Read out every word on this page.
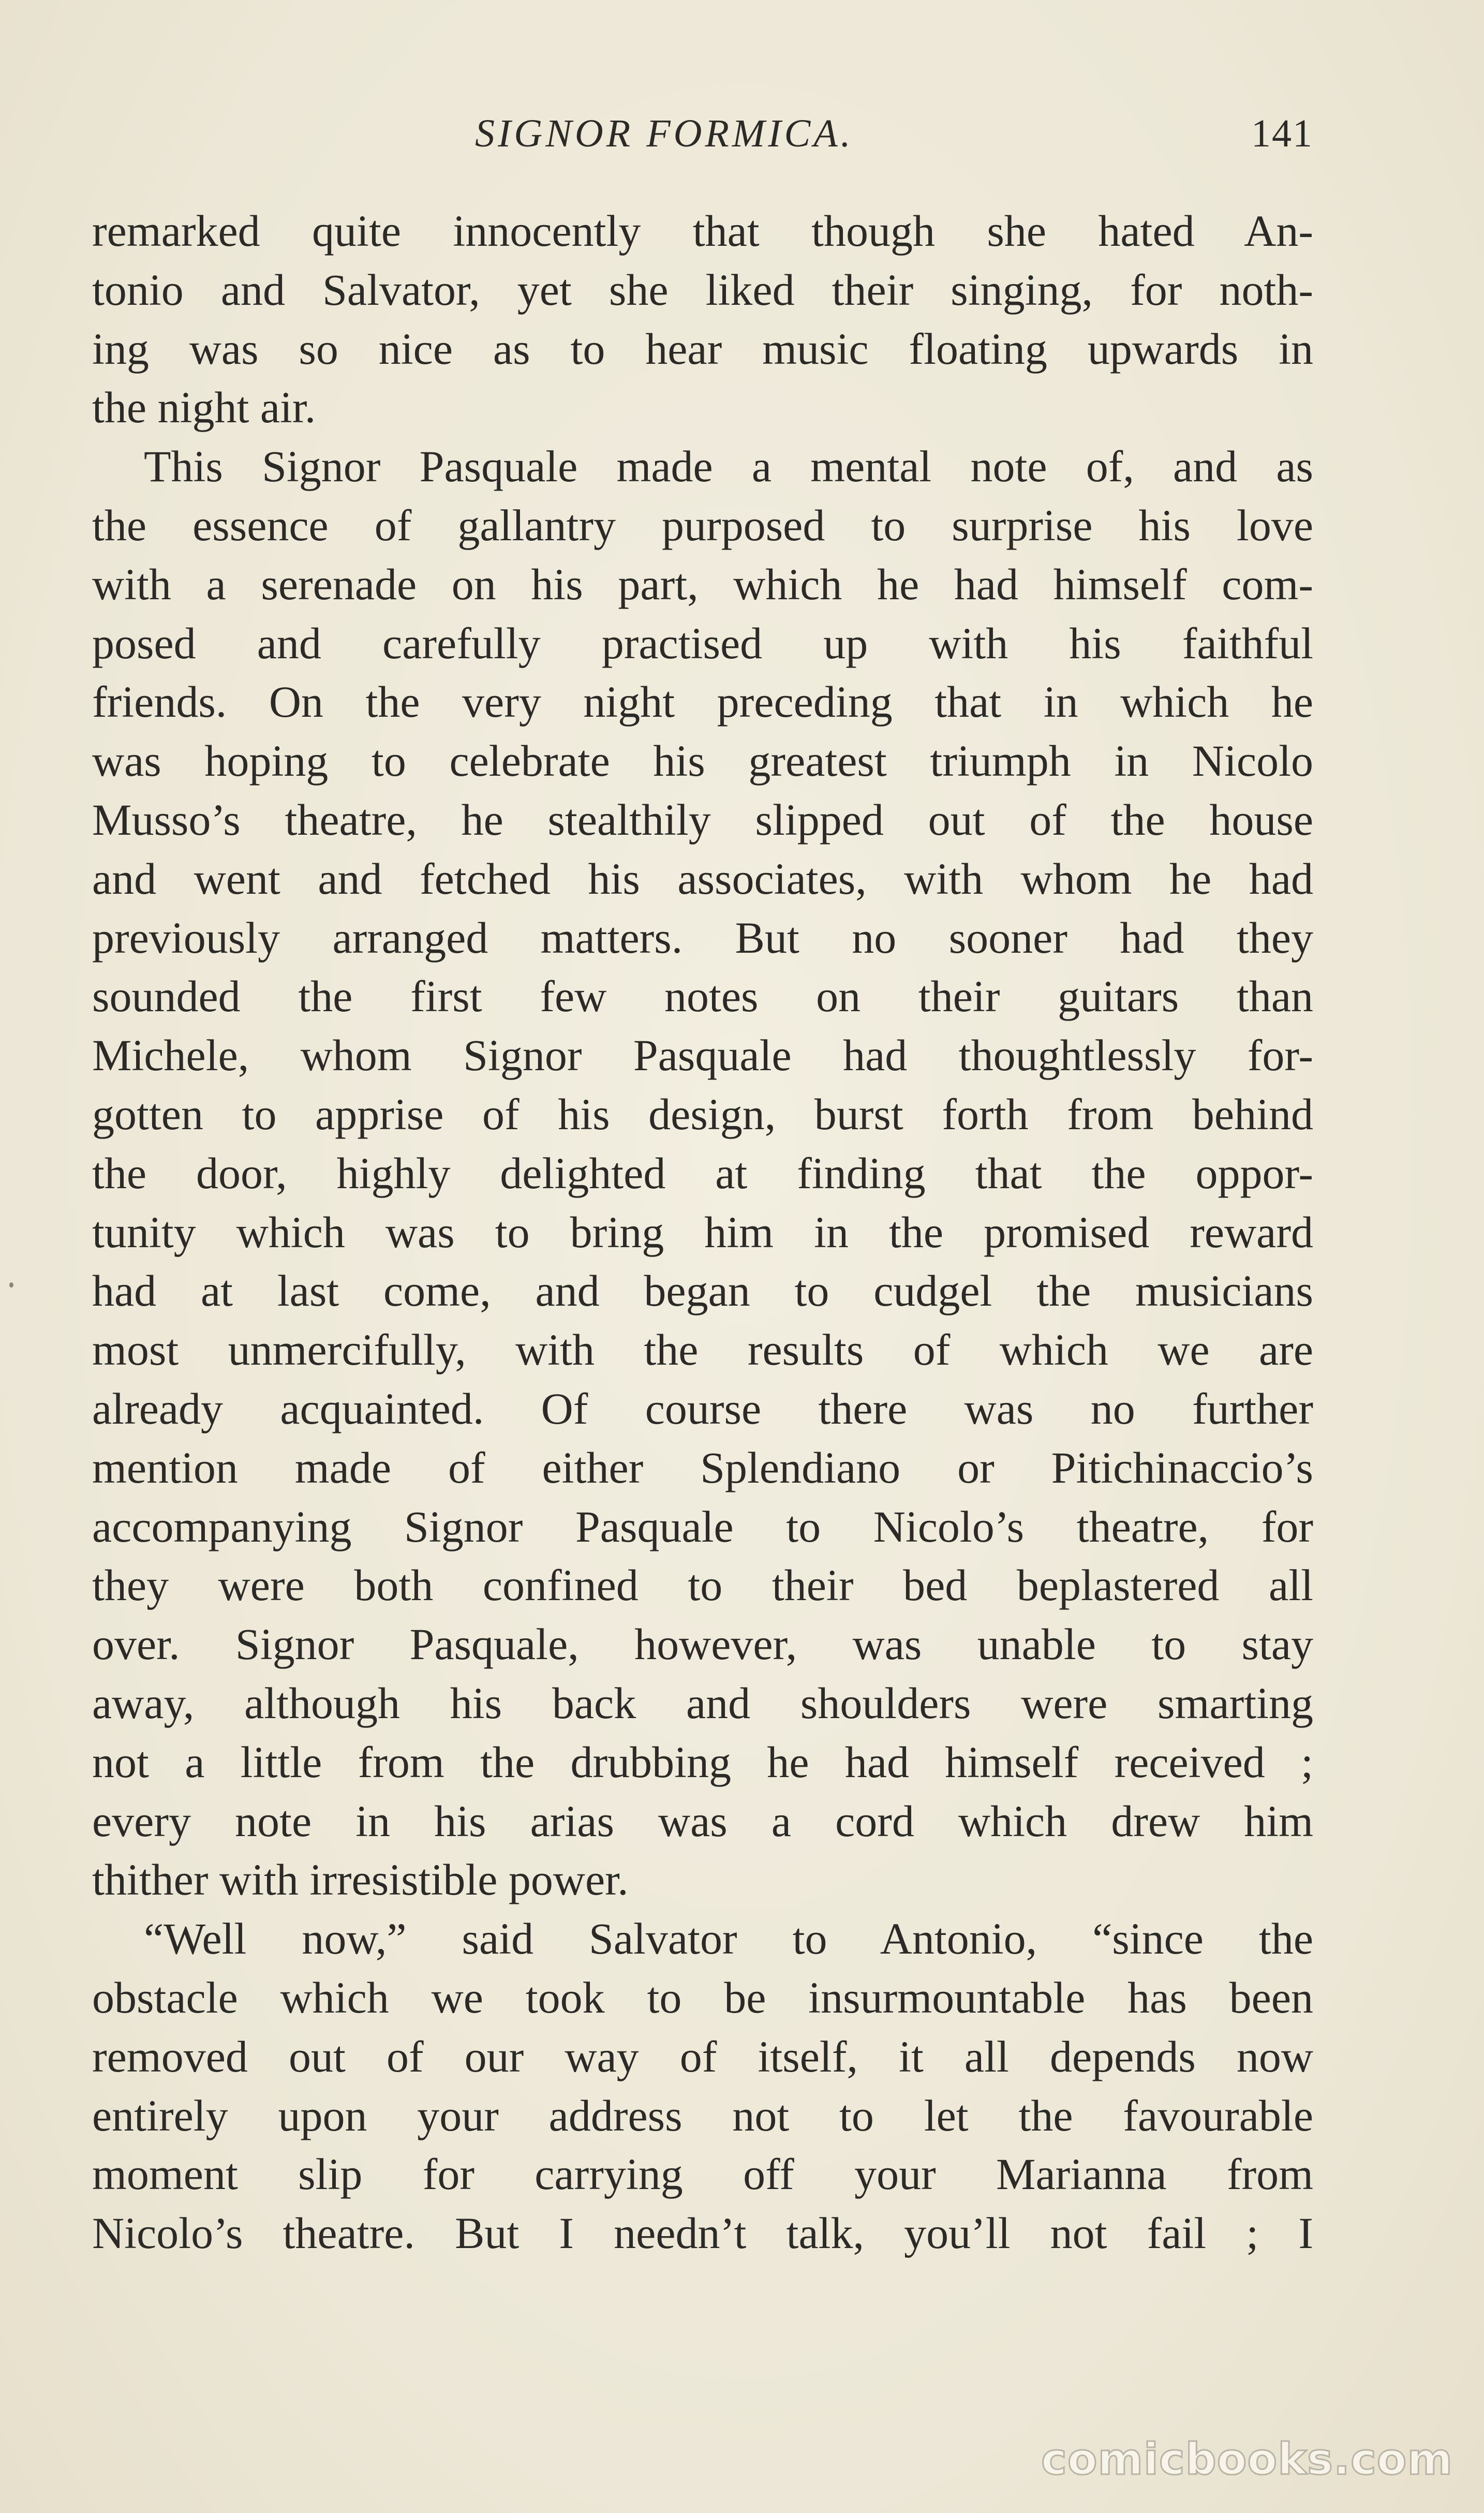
SIGNOR FORMICA.	141
remarked quite innocently that though she hated An-
tonio and Salvator, yet she liked their singing, for noth-
ing was so nice as to hear music floating upwards in
the night air.
This Signor Pasquale made a mental note of, and as
the essence of gallantry purposed to surprise his love
with a serenade on his part, which he had himself com-
posed and carefully practised up with his faithful
friends. On the very night preceding that in which he
was hoping to celebrate his greatest triumph in Nicolo
Musso’s theatre, he stealthily slipped out of the house
and went and fetched his associates, with whom he had
previously arranged matters. But no sooner had they
sounded the first few notes on their guitars than
Michele, whom Signor Pasquale had thoughtlessly for-
gotten to apprise of his design, burst forth from behind
the door, highly delighted at finding that the oppor-
tunity which was to bring him in the promised reward
had at last come, and began to cudgel the musicians
most unmercifully, with the results of which we are
already acquainted. Of course there was no further
mention made of either Splendiano or Pitichinaccio’s
accompanying Signor Pasquale to Nicolo’s theatre, for
they were both confined to their bed beplastered all
over. Signor Pasquale, however, was unable to stay
away, although his back and shoulders were smarting
not a little from the drubbing he had himself received ;
every note in his arias was a cord which drew him
thither with irresistible power.
“Well now,” said Salvator to Antonio, “since the
obstacle which we took to be insurmountable has been
removed out of our way of itself, it all depends now
entirely upon your address not to let the favourable
moment slip for carrying off your Marianna from
Nicolo’s theatre. But I needn’t talk, you’ll not fail ; I
comicbooks.com
